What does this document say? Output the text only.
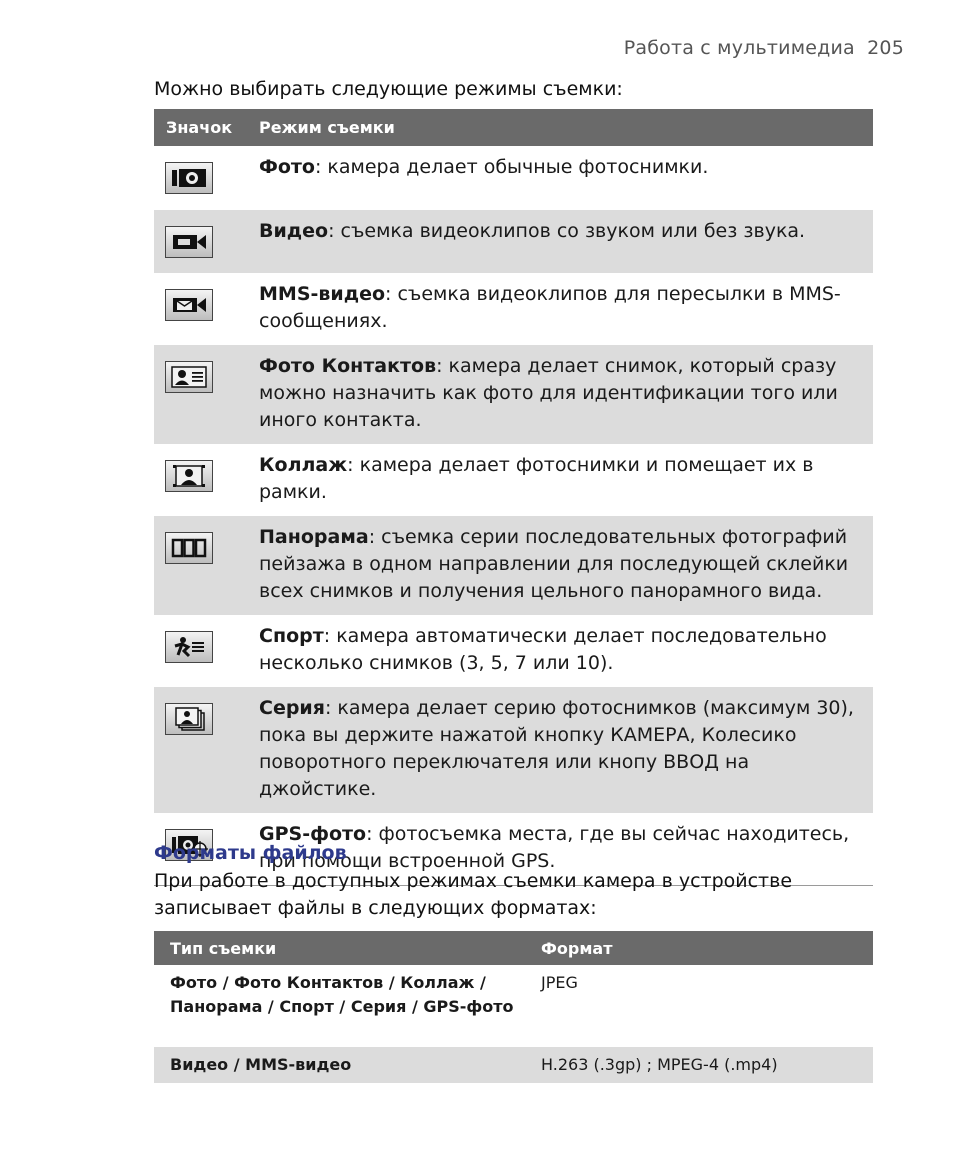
Работа с мультимедиа 205
Можно выбирать следующие режимы съемки:
Значок	Режим съемки

	Фото: камера делает обычные фотоснимки.

	Видео: съемка видеоклипов со звуком или без звука.

	MMS-видео: съемка видеоклипов для пересылки в MMS-сообщениях.

	Фото Контактов: камера делает снимок, который сразу можно назначить как фото для идентификации того или иного контакта.

	Коллаж: камера делает фотоснимки и помещает их в рамки.

	Панорама: съемка серии последовательных фотографий пейзажа в одном направлении для последующей склейки всех снимков и получения цельного панорамного вида.

	Спорт: камера автоматически делает последовательно несколько снимков (3, 5, 7 или 10).

	Серия: камера делает серию фотоснимков (максимум 30), пока вы держите нажатой кнопку КАМЕРА, Колесико поворотного переключателя или кнопу ВВОД на джойстике.

	GPS-фото: фотосъемка места, где вы сейчас находитесь, при помощи встроенной GPS.
Форматы файлов
При работе в доступных режимах съемки камера в устройстве записывает файлы в следующих форматах:
Тип съемки	Формат
Фото / Фото Контактов / Коллаж / Панорама / Спорт / Серия / GPS-фото	JPEG
Видео / MMS-видео	H.263 (.3gp) ; MPEG-4 (.mp4)
